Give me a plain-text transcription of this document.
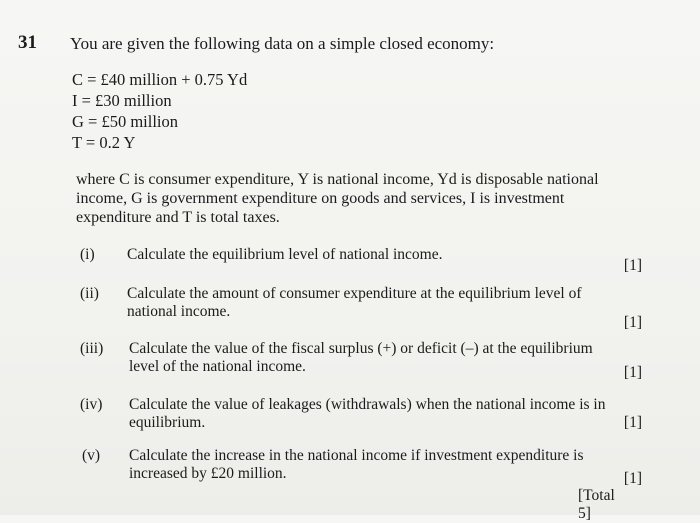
31 You are given the following data on a simple closed economy:
C = £40 million + 0.75 Yd
I = £30 million
G = £50 million
T = 0.2 Y
where C is consumer expenditure, Y is national income, Yd is disposable national income, G is government expenditure on goods and services, I is investment expenditure and T is total taxes.
(i) Calculate the equilibrium level of national income.
[1]
(ii) Calculate the amount of consumer expenditure at the equilibrium level of national income.
[1]
(iii) Calculate the value of the fiscal surplus (+) or deficit (–) at the equilibrium level of the national income.	[1]
(iv) Calculate the value of leakages (withdrawals) when the national income is in equilibrium.	[1]
(v) Calculate the increase in the national income if investment expenditure is increased by £20 million.	[1]
[Total 5]
